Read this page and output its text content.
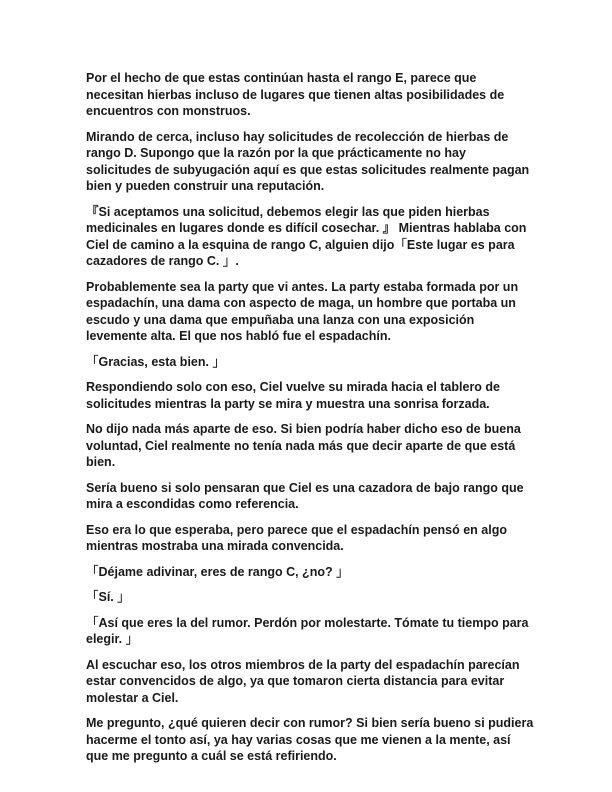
Por el hecho de que estas continúan hasta el rango E, parece que necesitan hierbas incluso de lugares que tienen altas posibilidades de encuentros con monstruos.

Mirando de cerca, incluso hay solicitudes de recolección de hierbas de rango D. Supongo que la razón por la que prácticamente no hay solicitudes de subyugación aquí es que estas solicitudes realmente pagan bien y pueden construir una reputación.

『Si aceptamos una solicitud, debemos elegir las que piden hierbas medicinales en lugares donde es difícil cosechar. 』 Mientras hablaba con Ciel de camino a la esquina de rango C, alguien dijo「Este lugar es para cazadores de rango C. 」.

Probablemente sea la party que vi antes. La party estaba formada por un espadachín, una dama con aspecto de maga, un hombre que portaba un escudo y una dama que empuñaba una lanza con una exposición levemente alta. El que nos habló fue el espadachín.

「Gracias, esta bien. 」

Respondiendo solo con eso, Ciel vuelve su mirada hacia el tablero de solicitudes mientras la party se mira y muestra una sonrisa forzada.

No dijo nada más aparte de eso. Si bien podría haber dicho eso de buena voluntad, Ciel realmente no tenía nada más que decir aparte de que está bien.

Sería bueno si solo pensaran que Ciel es una cazadora de bajo rango que mira a escondidas como referencia.

Eso era lo que esperaba, pero parece que el espadachín pensó en algo mientras mostraba una mirada convencida.

「Déjame adivinar, eres de rango C, ¿no? 」

「Sí. 」

「Así que eres la del rumor. Perdón por molestarte. Tómate tu tiempo para elegir. 」

Al escuchar eso, los otros miembros de la party del espadachín parecían estar convencidos de algo, ya que tomaron cierta distancia para evitar molestar a Ciel.

Me pregunto, ¿qué quieren decir con rumor? Si bien sería bueno si pudiera hacerme el tonto así, ya hay varias cosas que me vienen a la mente, así que me pregunto a cuál se está refiriendo.
